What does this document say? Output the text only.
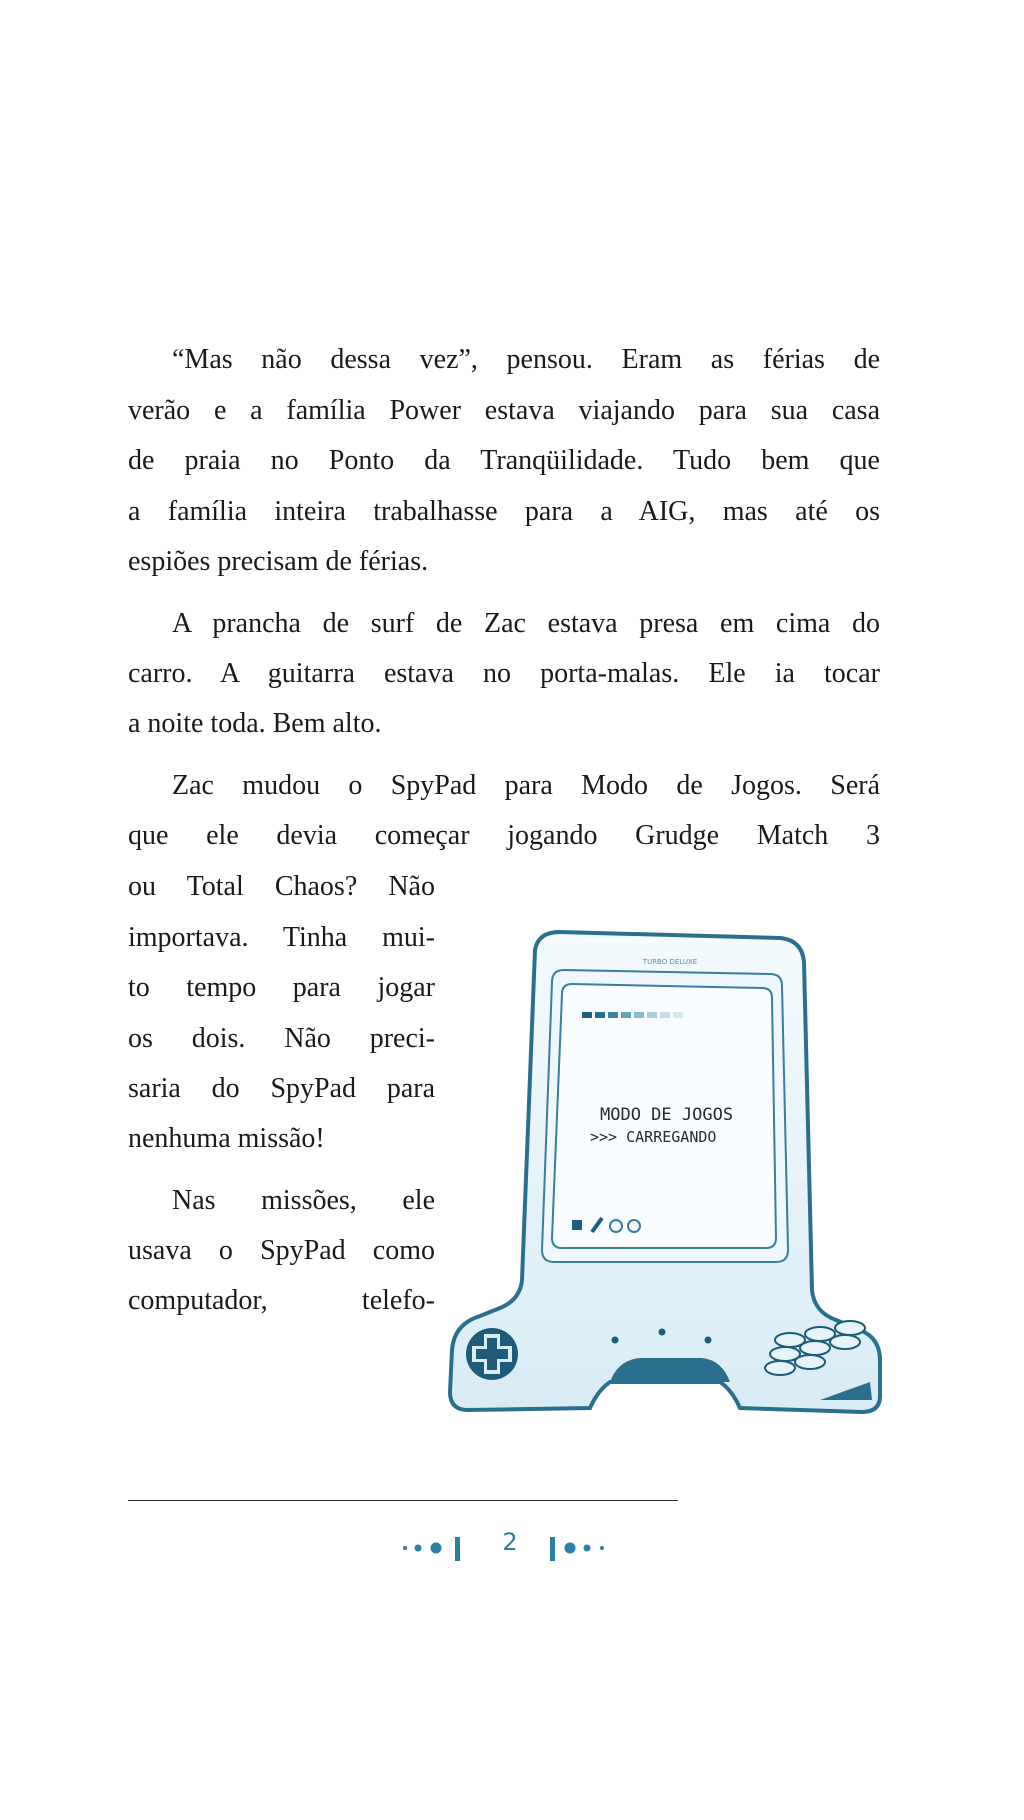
“Mas não dessa vez”, pensou. Eram as férias de
verão e a família Power estava viajando para sua casa
de praia no Ponto da Tranqüilidade. Tudo bem que
a família inteira trabalhasse para a AIG, mas até os
espiões precisam de férias.
A prancha de surf de Zac estava presa em cima do
carro. A guitarra estava no porta-malas. Ele ia tocar
a noite toda. Bem alto.
Zac mudou o SpyPad para Modo de Jogos. Será
que ele devia começar jogando Grudge Match 3
ou Total Chaos? Não
importava. Tinha mui-
to tempo para jogar
os dois. Não preci-
saria do SpyPad para
nenhuma missão!
Nas missões, ele
usava o SpyPad como
computador, telefo-
TURBO DELUXE
MODO DE JOGOS
>>> CARREGANDO
2
